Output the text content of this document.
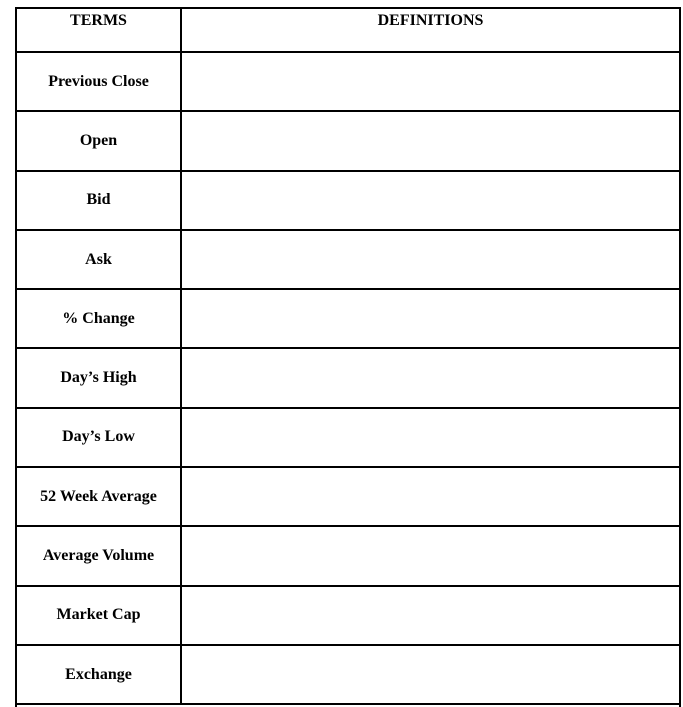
TERMS	DEFINITIONS
Previous Close
Open
Bid
Ask
% Change
Day’s High
Day’s Low
52 Week Average
Average Volume
Market Cap
Exchange
